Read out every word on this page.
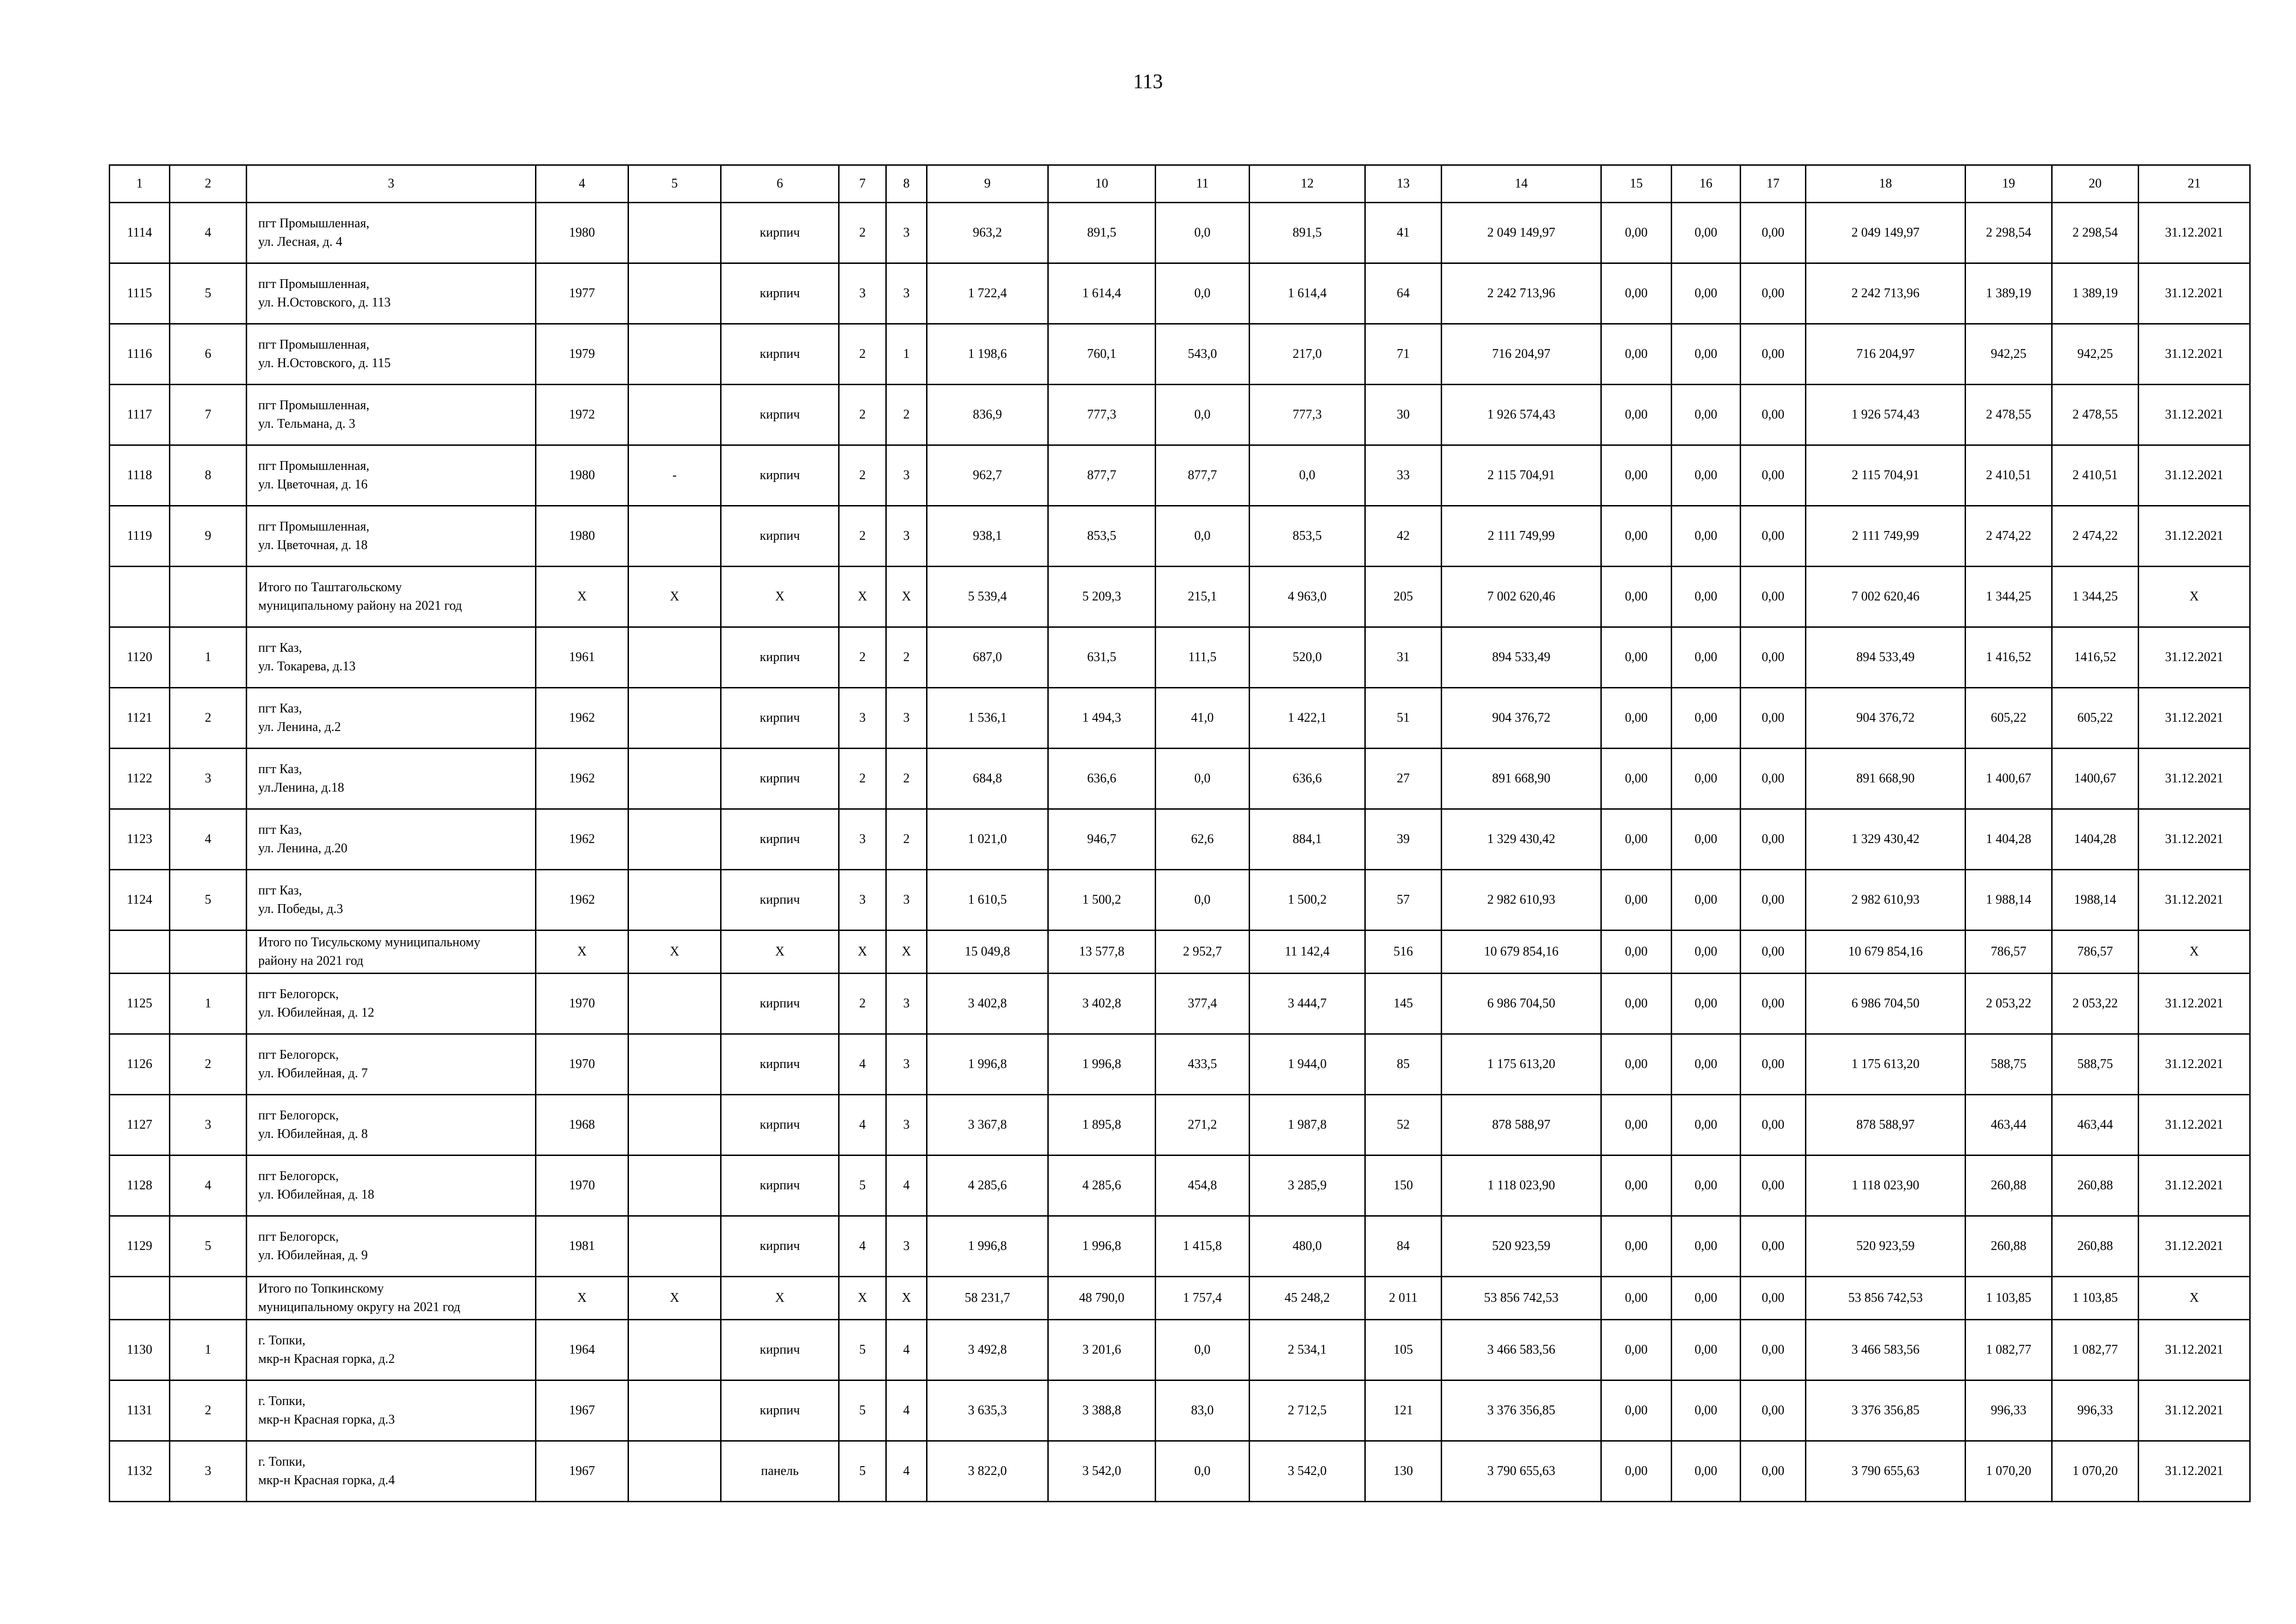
113
1	2	3	4	5	6	7	8	9	10	11	12	13	14	15	16	17	18	19	20	21
1114	4	пгт Промышленная,
ул. Лесная, д. 4	1980		кирпич	2	3	963,2	891,5	0,0	891,5	41	2 049 149,97	0,00	0,00	0,00	2 049 149,97	2 298,54	2 298,54	31.12.2021
1115	5	пгт Промышленная,
ул. Н.Остовского, д. 113	1977		кирпич	3	3	1 722,4	1 614,4	0,0	1 614,4	64	2 242 713,96	0,00	0,00	0,00	2 242 713,96	1 389,19	1 389,19	31.12.2021
1116	6	пгт Промышленная,
ул. Н.Остовского, д. 115	1979		кирпич	2	1	1 198,6	760,1	543,0	217,0	71	716 204,97	0,00	0,00	0,00	716 204,97	942,25	942,25	31.12.2021
1117	7	пгт Промышленная,
ул. Тельмана, д. 3	1972		кирпич	2	2	836,9	777,3	0,0	777,3	30	1 926 574,43	0,00	0,00	0,00	1 926 574,43	2 478,55	2 478,55	31.12.2021
1118	8	пгт Промышленная,
ул. Цветочная, д. 16	1980	-	кирпич	2	3	962,7	877,7	877,7	0,0	33	2 115 704,91	0,00	0,00	0,00	2 115 704,91	2 410,51	2 410,51	31.12.2021
1119	9	пгт Промышленная,
ул. Цветочная, д. 18	1980		кирпич	2	3	938,1	853,5	0,0	853,5	42	2 111 749,99	0,00	0,00	0,00	2 111 749,99	2 474,22	2 474,22	31.12.2021
		Итого по Таштагольскому
муниципальному району на 2021 год	X	X	X	X	X	5 539,4	5 209,3	215,1	4 963,0	205	7 002 620,46	0,00	0,00	0,00	7 002 620,46	1 344,25	1 344,25	X
1120	1	пгт Каз,
ул. Токарева, д.13	1961		кирпич	2	2	687,0	631,5	111,5	520,0	31	894 533,49	0,00	0,00	0,00	894 533,49	1 416,52	1416,52	31.12.2021
1121	2	пгт Каз,
ул. Ленина, д.2	1962		кирпич	3	3	1 536,1	1 494,3	41,0	1 422,1	51	904 376,72	0,00	0,00	0,00	904 376,72	605,22	605,22	31.12.2021
1122	3	пгт Каз,
ул.Ленина, д.18	1962		кирпич	2	2	684,8	636,6	0,0	636,6	27	891 668,90	0,00	0,00	0,00	891 668,90	1 400,67	1400,67	31.12.2021
1123	4	пгт Каз,
ул. Ленина, д.20	1962		кирпич	3	2	1 021,0	946,7	62,6	884,1	39	1 329 430,42	0,00	0,00	0,00	1 329 430,42	1 404,28	1404,28	31.12.2021
1124	5	пгт Каз,
ул. Победы, д.3	1962		кирпич	3	3	1 610,5	1 500,2	0,0	1 500,2	57	2 982 610,93	0,00	0,00	0,00	2 982 610,93	1 988,14	1988,14	31.12.2021
		Итого по Тисульскому муниципальному
району на 2021 год	X	X	X	X	X	15 049,8	13 577,8	2 952,7	11 142,4	516	10 679 854,16	0,00	0,00	0,00	10 679 854,16	786,57	786,57	X
1125	1	пгт Белогорск,
ул. Юбилейная, д. 12	1970		кирпич	2	3	3 402,8	3 402,8	377,4	3 444,7	145	6 986 704,50	0,00	0,00	0,00	6 986 704,50	2 053,22	2 053,22	31.12.2021
1126	2	пгт Белогорск,
ул. Юбилейная, д. 7	1970		кирпич	4	3	1 996,8	1 996,8	433,5	1 944,0	85	1 175 613,20	0,00	0,00	0,00	1 175 613,20	588,75	588,75	31.12.2021
1127	3	пгт Белогорск,
ул. Юбилейная, д. 8	1968		кирпич	4	3	3 367,8	1 895,8	271,2	1 987,8	52	878 588,97	0,00	0,00	0,00	878 588,97	463,44	463,44	31.12.2021
1128	4	пгт Белогорск,
ул. Юбилейная, д. 18	1970		кирпич	5	4	4 285,6	4 285,6	454,8	3 285,9	150	1 118 023,90	0,00	0,00	0,00	1 118 023,90	260,88	260,88	31.12.2021
1129	5	пгт Белогорск,
ул. Юбилейная, д. 9	1981		кирпич	4	3	1 996,8	1 996,8	1 415,8	480,0	84	520 923,59	0,00	0,00	0,00	520 923,59	260,88	260,88	31.12.2021
		Итого по Топкинскому
муниципальному округу на 2021 год	X	X	X	X	X	58 231,7	48 790,0	1 757,4	45 248,2	2 011	53 856 742,53	0,00	0,00	0,00	53 856 742,53	1 103,85	1 103,85	X
1130	1	г. Топки,
мкр-н Красная горка, д.2	1964		кирпич	5	4	3 492,8	3 201,6	0,0	2 534,1	105	3 466 583,56	0,00	0,00	0,00	3 466 583,56	1 082,77	1 082,77	31.12.2021
1131	2	г. Топки,
мкр-н Красная горка, д.3	1967		кирпич	5	4	3 635,3	3 388,8	83,0	2 712,5	121	3 376 356,85	0,00	0,00	0,00	3 376 356,85	996,33	996,33	31.12.2021
1132	3	г. Топки,
мкр-н Красная горка, д.4	1967		панель	5	4	3 822,0	3 542,0	0,0	3 542,0	130	3 790 655,63	0,00	0,00	0,00	3 790 655,63	1 070,20	1 070,20	31.12.2021
